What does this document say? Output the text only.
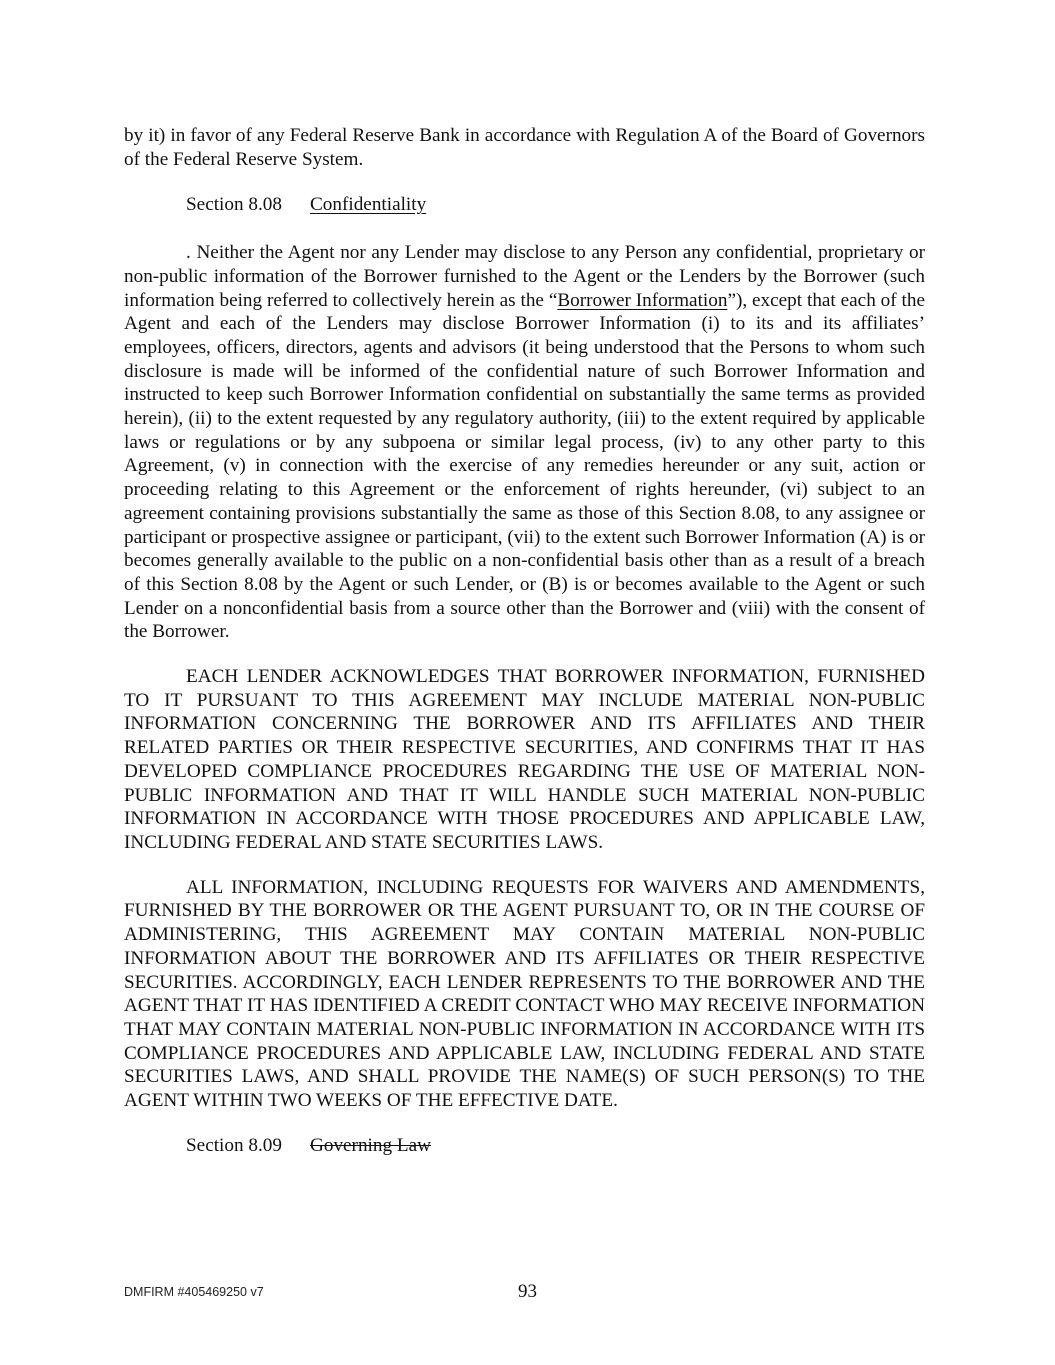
by it) in favor of any Federal Reserve Bank in accordance with Regulation A of the Board of Governors of the Federal Reserve System.

Section 8.08 Confidentiality

. Neither the Agent nor any Lender may disclose to any Person any confidential, proprietary or non-public information of the Borrower furnished to the Agent or the Lenders by the Borrower (such information being referred to collectively herein as the “Borrower Information”), except that each of the Agent and each of the Lenders may disclose Borrower Information (i) to its and its affiliates’ employees, officers, directors, agents and advisors (it being understood that the Persons to whom such disclosure is made will be informed of the confidential nature of such Borrower Information and instructed to keep such Borrower Information confidential on substantially the same terms as provided herein), (ii) to the extent requested by any regulatory authority, (iii) to the extent required by applicable laws or regulations or by any subpoena or similar legal process, (iv) to any other party to this Agreement, (v) in connection with the exercise of any remedies hereunder or any suit, action or proceeding relating to this Agreement or the enforcement of rights hereunder, (vi) subject to an agreement containing provisions substantially the same as those of this Section 8.08, to any assignee or participant or prospective assignee or participant, (vii) to the extent such Borrower Information (A) is or becomes generally available to the public on a non-confidential basis other than as a result of a breach of this Section 8.08 by the Agent or such Lender, or (B) is or becomes available to the Agent or such Lender on a nonconfidential basis from a source other than the Borrower and (viii) with the consent of the Borrower.

EACH LENDER ACKNOWLEDGES THAT BORROWER INFORMATION, FURNISHED TO IT PURSUANT TO THIS AGREEMENT MAY INCLUDE MATERIAL NON-PUBLIC INFORMATION CONCERNING THE BORROWER AND ITS AFFILIATES AND THEIR RELATED PARTIES OR THEIR RESPECTIVE SECURITIES, AND CONFIRMS THAT IT HAS DEVELOPED COMPLIANCE PROCEDURES REGARDING THE USE OF MATERIAL NON-PUBLIC INFORMATION AND THAT IT WILL HANDLE SUCH MATERIAL NON-PUBLIC INFORMATION IN ACCORDANCE WITH THOSE PROCEDURES AND APPLICABLE LAW, INCLUDING FEDERAL AND STATE SECURITIES LAWS.

ALL INFORMATION, INCLUDING REQUESTS FOR WAIVERS AND AMENDMENTS, FURNISHED BY THE BORROWER OR THE AGENT PURSUANT TO, OR IN THE COURSE OF ADMINISTERING, THIS AGREEMENT MAY CONTAIN MATERIAL NON-PUBLIC INFORMATION ABOUT THE BORROWER AND ITS AFFILIATES OR THEIR RESPECTIVE SECURITIES. ACCORDINGLY, EACH LENDER REPRESENTS TO THE BORROWER AND THE AGENT THAT IT HAS IDENTIFIED A CREDIT CONTACT WHO MAY RECEIVE INFORMATION THAT MAY CONTAIN MATERIAL NON-PUBLIC INFORMATION IN ACCORDANCE WITH ITS COMPLIANCE PROCEDURES AND APPLICABLE LAW, INCLUDING FEDERAL AND STATE SECURITIES LAWS, AND SHALL PROVIDE THE NAME(S) OF SUCH PERSON(S) TO THE AGENT WITHIN TWO WEEKS OF THE EFFECTIVE DATE.

Section 8.09 Governing Law

DMFIRM #405469250 v7	93
